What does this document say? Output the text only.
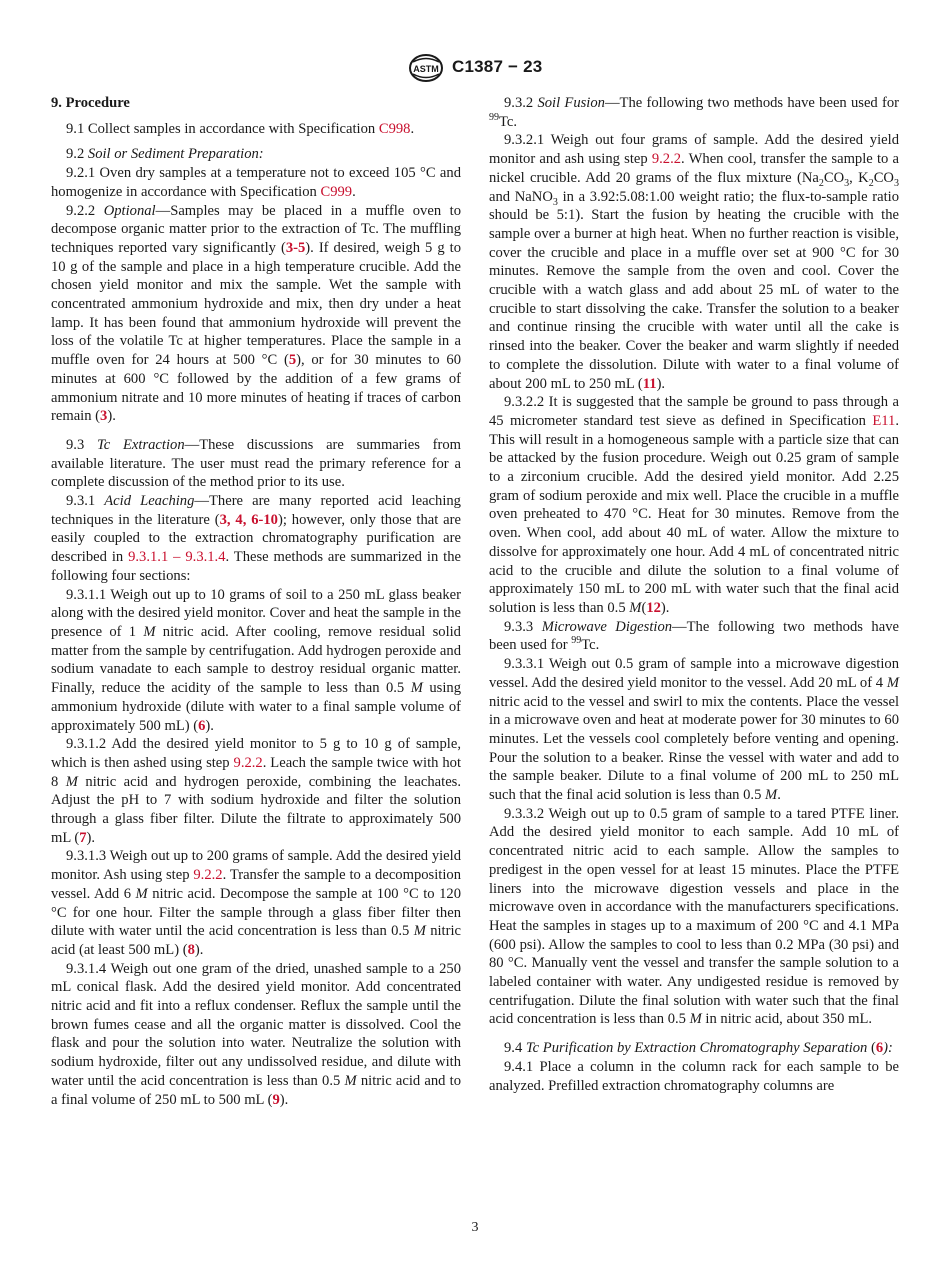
ASTM C1387 − 23

9. Procedure

9.1 Collect samples in accordance with Specification C998.

9.2 Soil or Sediment Preparation:

9.2.1 Oven dry samples at a temperature not to exceed 105 °C and homogenize in accordance with Specification C999.

9.2.2 Optional—Samples may be placed in a muffle oven to decompose organic matter prior to the extraction of Tc. The muffling techniques reported vary significantly (3-5). If desired, weigh 5 g to 10 g of the sample and place in a high temperature crucible. Add the chosen yield monitor and mix the sample. Wet the sample with concentrated ammonium hydroxide and mix, then dry under a heat lamp. It has been found that ammonium hydroxide will prevent the loss of the volatile Tc at higher temperatures. Place the sample in a muffle oven for 24 hours at 500 °C (5), or for 30 minutes to 60 minutes at 600 °C followed by the addition of a few grams of ammonium nitrate and 10 more minutes of heating if traces of carbon remain (3).

9.3 Tc Extraction—These discussions are summaries from available literature. The user must read the primary reference for a complete discussion of the method prior to its use.

9.3.1 Acid Leaching—There are many reported acid leaching techniques in the literature (3, 4, 6-10); however, only those that are easily coupled to the extraction chromatography purification are described in 9.3.1.1 – 9.3.1.4. These methods are summarized in the following four sections:

9.3.1.1 Weigh out up to 10 grams of soil to a 250 mL glass beaker along with the desired yield monitor. Cover and heat the sample in the presence of 1 M nitric acid. After cooling, remove residual solid matter from the sample by centrifugation. Add hydrogen peroxide and sodium vanadate to each sample to destroy residual organic matter. Finally, reduce the acidity of the sample to less than 0.5 M using ammonium hydroxide (dilute with water to a final sample volume of approximately 500 mL) (6).

9.3.1.2 Add the desired yield monitor to 5 g to 10 g of sample, which is then ashed using step 9.2.2. Leach the sample twice with hot 8 M nitric acid and hydrogen peroxide, combining the leachates. Adjust the pH to 7 with sodium hydroxide and filter the solution through a glass fiber filter. Dilute the filtrate to approximately 500 mL (7).

9.3.1.3 Weigh out up to 200 grams of sample. Add the desired yield monitor. Ash using step 9.2.2. Transfer the sample to a decomposition vessel. Add 6 M nitric acid. Decompose the sample at 100 °C to 120 °C for one hour. Filter the sample through a glass fiber filter then dilute with water until the acid concentration is less than 0.5 M nitric acid (at least 500 mL) (8).

9.3.1.4 Weigh out one gram of the dried, unashed sample to a 250 mL conical flask. Add the desired yield monitor. Add concentrated nitric acid and fit into a reflux condenser. Reflux the sample until the brown fumes cease and all the organic matter is dissolved. Cool the flask and pour the solution into water. Neutralize the solution with sodium hydroxide, filter out any undissolved residue, and dilute with water until the acid concentration is less than 0.5 M nitric acid and to a final volume of 250 mL to 500 mL (9).

9.3.2 Soil Fusion—The following two methods have been used for $^{99}$Tc.

9.3.2.1 Weigh out four grams of sample. Add the desired yield monitor and ash using step 9.2.2. When cool, transfer the sample to a nickel crucible. Add 20 grams of the flux mixture ($Na_2CO_3$, $K_2CO_3$ and NaNO$_3$ in a 3.92:5.08:1.00 weight ratio; the flux-to-sample ratio should be 5:1). Start the fusion by heating the crucible with the sample over a burner at high heat. When no further reaction is visible, cover the crucible and place in a muffle over set at 900 °C for 30 minutes. Remove the sample from the oven and cool. Cover the crucible with a watch glass and add about 25 mL of water to the crucible to start dissolving the cake. Transfer the solution to a beaker and continue rinsing the crucible with water until all the cake is rinsed into the beaker. Cover the beaker and warm slightly if needed to complete the dissolution. Dilute with water to a final volume of about 200 mL to 250 mL (11).

9.3.2.2 It is suggested that the sample be ground to pass through a 45 micrometer standard test sieve as defined in Specification E11. This will result in a homogeneous sample with a particle size that can be attacked by the fusion procedure. Weigh out 0.25 gram of sample to a zirconium crucible. Add the desired yield monitor. Add 2.25 gram of sodium peroxide and mix well. Place the crucible in a muffle oven preheated to 470 °C. Heat for 30 minutes. Remove from the oven. When cool, add about 40 mL of water. Allow the mixture to dissolve for approximately one hour. Add 4 mL of concentrated nitric acid to the crucible and dilute the solution to a final volume of approximately 150 mL to 200 mL with water such that the final acid solution is less than 0.5 M(12).

9.3.3 Microwave Digestion—The following two methods have been used for $^{99}$Tc.

9.3.3.1 Weigh out 0.5 gram of sample into a microwave digestion vessel. Add the desired yield monitor to the vessel. Add 20 mL of 4 M nitric acid to the vessel and swirl to mix the contents. Place the vessel in a microwave oven and heat at moderate power for 30 minutes to 60 minutes. Let the vessels cool completely before venting and opening. Pour the solution to a beaker. Rinse the vessel with water and add to the sample beaker. Dilute to a final volume of 200 mL to 250 mL such that the final acid solution is less than 0.5 M.

9.3.3.2 Weigh out up to 0.5 gram of sample to a tared PTFE liner. Add the desired yield monitor to each sample. Add 10 mL of concentrated nitric acid to each sample. Allow the samples to predigest in the open vessel for at least 15 minutes. Place the PTFE liners into the microwave digestion vessels and place in the microwave oven in accordance with the manufacturers specifications. Heat the samples in stages up to a maximum of 200 °C and 4.1 MPa (600 psi). Allow the samples to cool to less than 0.2 MPa (30 psi) and 80 °C. Manually vent the vessel and transfer the sample solution to a labeled container with water. Any undigested residue is removed by centrifugation. Dilute the final solution with water such that the final acid concentration is less than 0.5 M in nitric acid, about 350 mL.

9.4 Tc Purification by Extraction Chromatography Separation (6):

9.4.1 Place a column in the column rack for each sample to be analyzed. Prefilled extraction chromatography columns are

3
